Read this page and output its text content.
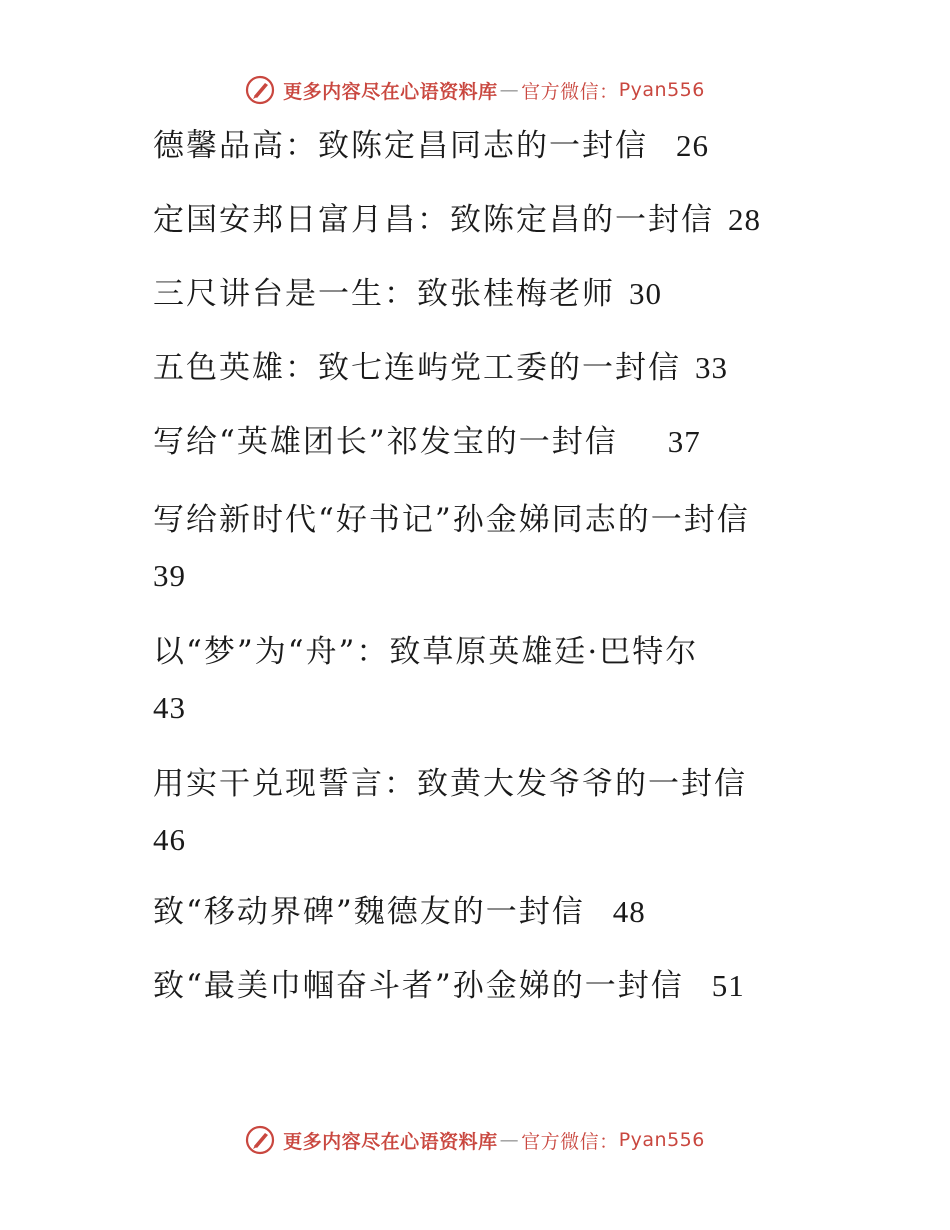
更多内容尽在心语资料库 — 官方微信： Pyan556
德馨品高：致陈定昌同志的一封信 26
定国安邦日富月昌：致陈定昌的一封信 28
三尺讲台是一生：致张桂梅老师 30
五色英雄：致七连屿党工委的一封信 33
写给“英雄团长”祁发宝的一封信 37
写给新时代“好书记”孙金娣同志的一封信
39
以“梦”为“舟”：致草原英雄廷·巴特尔
43
用实干兑现誓言：致黄大发爷爷的一封信
46
致“移动界碑”魏德友的一封信 48
致“最美巾帼奋斗者”孙金娣的一封信 51
更多内容尽在心语资料库 — 官方微信： Pyan556
